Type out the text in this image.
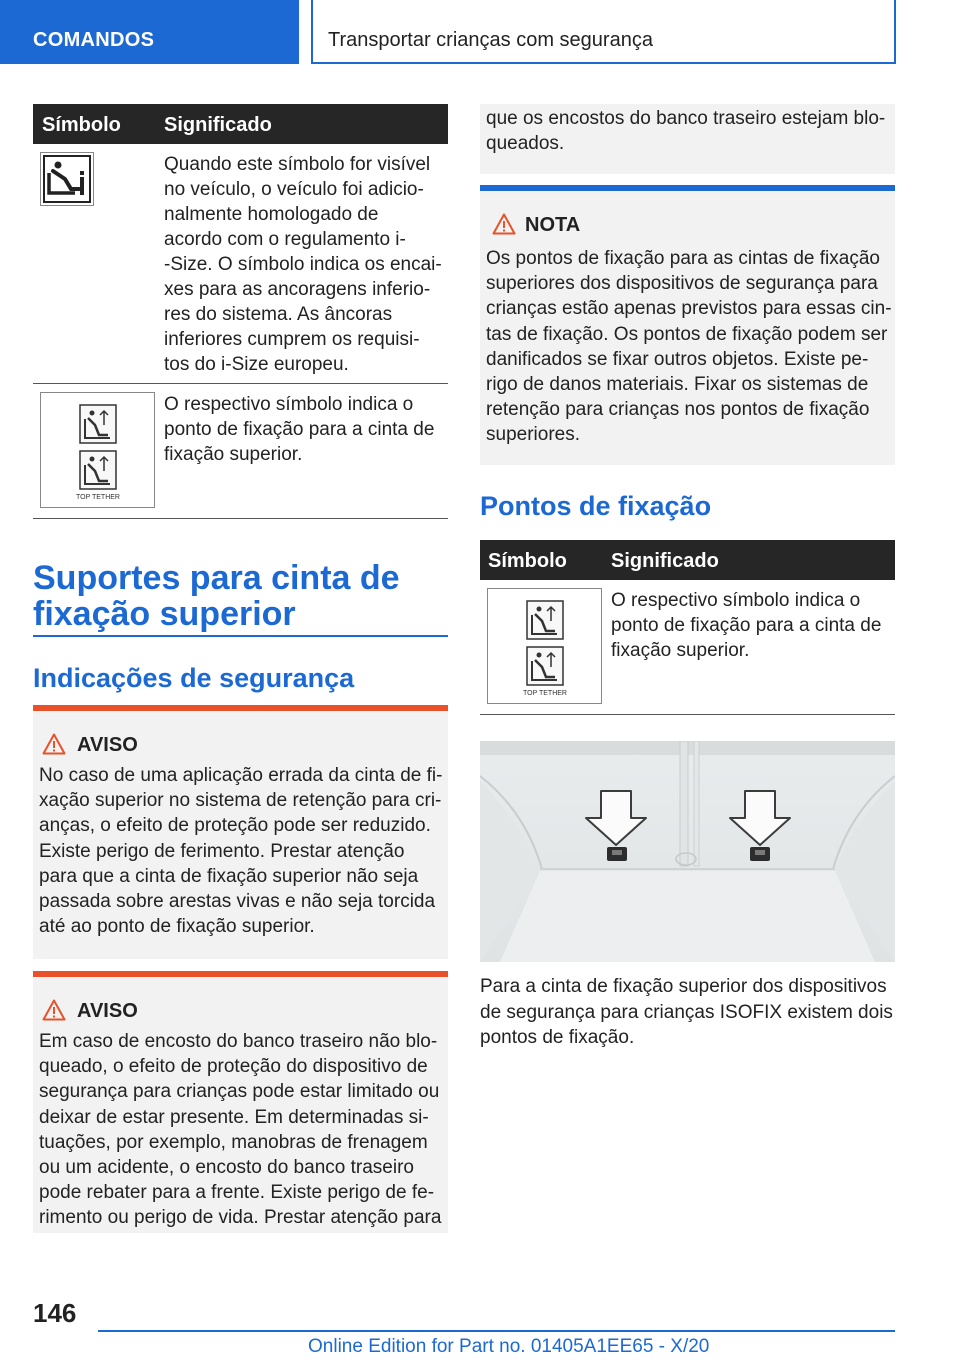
COMANDOS	Transportar crianças com segurança
Símbolo Significado
Quando este símbolo for visível
no veículo, o veículo foi adicio-
nalmente homologado de
acordo com o regulamento i-
-Size. O símbolo indica os encai-
xes para as ancoragens inferio-
res do sistema. As âncoras
inferiores cumprem os requisi-
tos do i-Size europeu.
TOP TETHER
O respectivo símbolo indica o
ponto de fixação para a cinta de
fixação superior.
Suportes para cinta de
fixação superior
Indicações de segurança
AVISO
No caso de uma aplicação errada da cinta de fi-
xação superior no sistema de retenção para cri-
anças, o efeito de proteção pode ser reduzido.
Existe perigo de ferimento. Prestar atenção
para que a cinta de fixação superior não seja
passada sobre arestas vivas e não seja torcida
até ao ponto de fixação superior.
AVISO
Em caso de encosto do banco traseiro não blo-
queado, o efeito de proteção do dispositivo de
segurança para crianças pode estar limitado ou
deixar de estar presente. Em determinadas si-
tuações, por exemplo, manobras de frenagem
ou um acidente, o encosto do banco traseiro
pode rebater para a frente. Existe perigo de fe-
rimento ou perigo de vida. Prestar atenção para
que os encostos do banco traseiro estejam blo-
queados.
NOTA
Os pontos de fixação para as cintas de fixação
superiores dos dispositivos de segurança para
crianças estão apenas previstos para essas cin-
tas de fixação. Os pontos de fixação podem ser
danificados se fixar outros objetos. Existe pe-
rigo de danos materiais. Fixar os sistemas de
retenção para crianças nos pontos de fixação
superiores.
Pontos de fixação
Símbolo Significado
TOP TETHER
O respectivo símbolo indica o
ponto de fixação para a cinta de
fixação superior.
Para a cinta de fixação superior dos dispositivos
de segurança para crianças ISOFIX existem dois
pontos de fixação.
146
Online Edition for Part no. 01405A1EE65 - X/20
